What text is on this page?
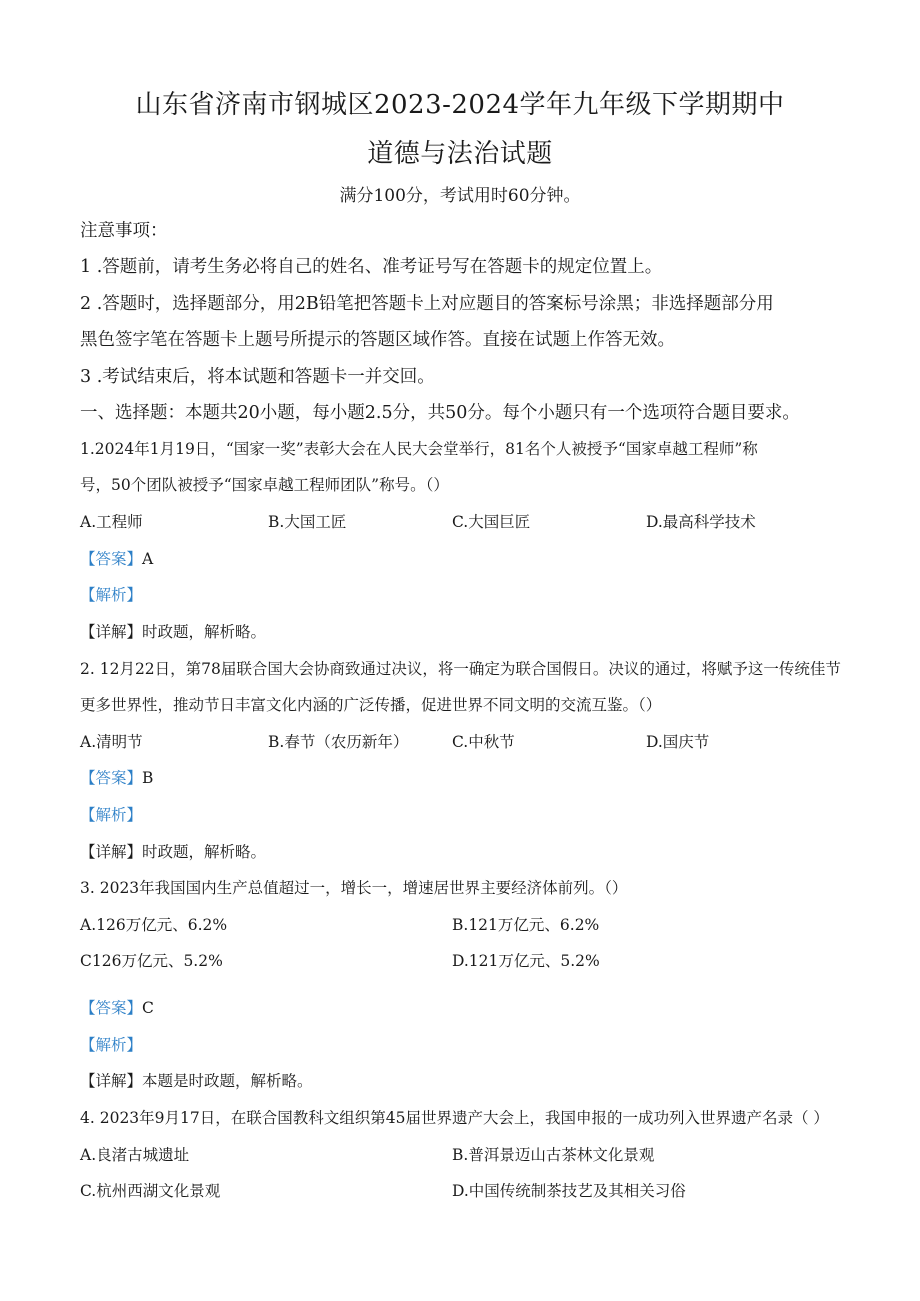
山东省济南市钢城区2023-2024学年九年级下学期期中
道德与法治试题
满分100分，考试用时60分钟。
注意事项：
1 .答题前，请考生务必将自己的姓名、准考证号写在答题卡的规定位置上。
2 .答题时，选择题部分，用2B铅笔把答题卡上对应题目的答案标号涂黑；非选择题部分用
黑色签字笔在答题卡上题号所提示的答题区域作答。直接在试题上作答无效。
3 .考试结束后，将本试题和答题卡一并交回。
一、选择题：本题共20小题，每小题2.5分，共50分。每个小题只有一个选项符合题目要求。
1.2024年1月19日，“国家一奖”表彰大会在人民大会堂举行，81名个人被授予“国家卓越工程师”称
号，50个团队被授予“国家卓越工程师团队”称号。（）
A.工程师	B.大国工匠	C.大国巨匠	D.最高科学技术
【答案】A
【解析】
【详解】时政题，解析略。
2. 12月22日，第78届联合国大会协商致通过决议，将一确定为联合国假日。决议的通过，将赋予这一传统佳节
更多世界性，推动节日丰富文化内涵的广泛传播，促进世界不同文明的交流互鉴。（）
A.清明节	B.春节（农历新年）	C.中秋节	D.国庆节
【答案】B
【解析】
【详解】时政题，解析略。
3. 2023年我国国内生产总值超过一，增长一，增速居世界主要经济体前列。（）
A.126万亿元、6.2%	B.121万亿元、6.2%
C126万亿元、5.2%	D.121万亿元、5.2%
【答案】C
【解析】
【详解】本题是时政题，解析略。
4. 2023年9月17日，在联合国教科文组织第45届世界遗产大会上，我国申报的一成功列入世界遗产名录（ ）
A.良渚古城遗址	B.普洱景迈山古茶林文化景观
C.杭州西湖文化景观	D.中国传统制茶技艺及其相关习俗
